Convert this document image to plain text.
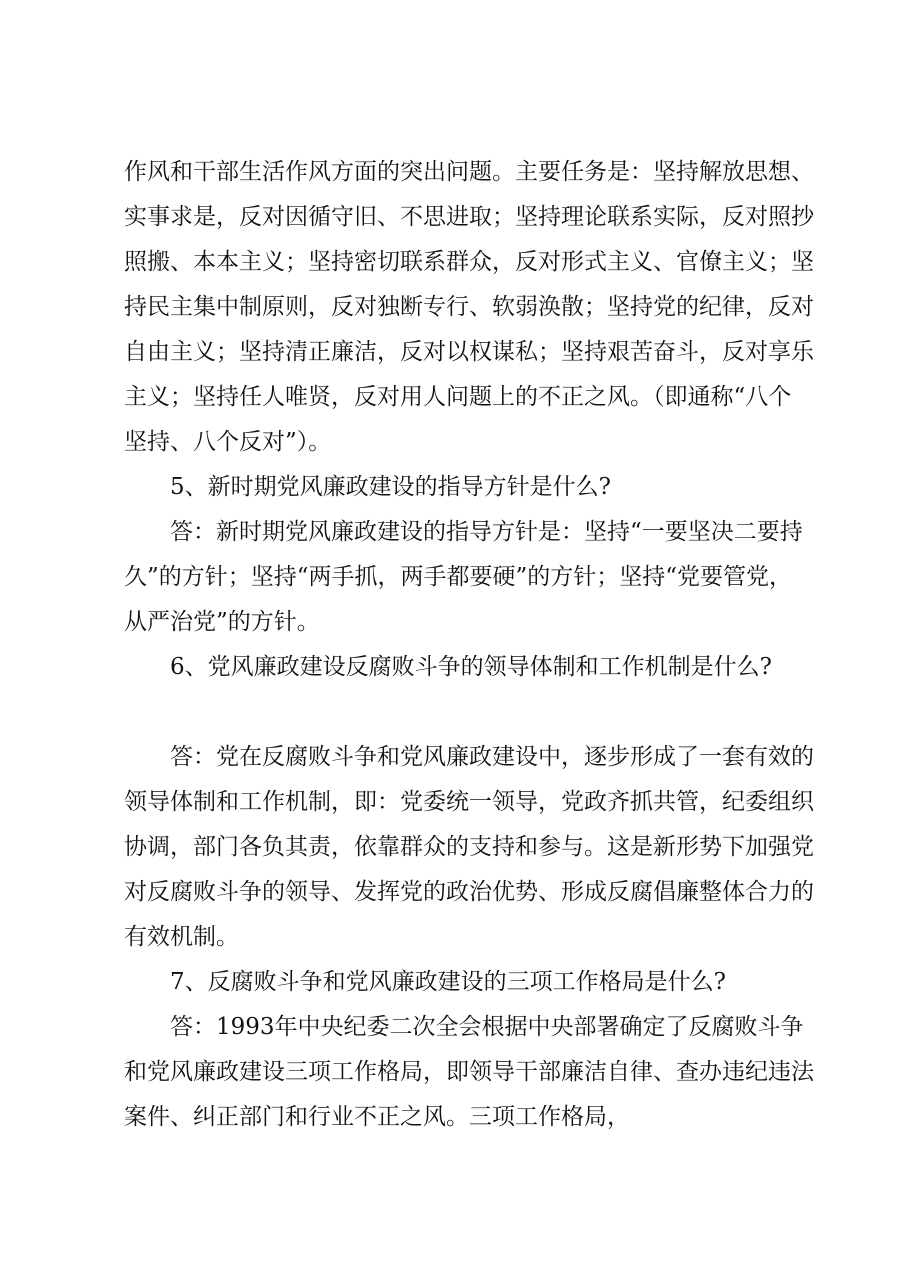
作风和干部生活作风方面的突出问题。主要任务是：坚持解放思想、实事求是，反对因循守旧、不思进取；坚持理论联系实际，反对照抄照搬、本本主义；坚持密切联系群众，反对形式主义、官僚主义；坚持民主集中制原则，反对独断专行、软弱涣散；坚持党的纪律，反对自由主义；坚持清正廉洁，反对以权谋私；坚持艰苦奋斗，反对享乐主义；坚持任人唯贤，反对用人问题上的不正之风。（即通称“八个坚持、八个反对”）。

5、新时期党风廉政建设的指导方针是什么?

答：新时期党风廉政建设的指导方针是：坚持“一要坚决二要持久”的方针；坚持“两手抓，两手都要硬”的方针；坚持“党要管党，从严治党”的方针。

6、党风廉政建设反腐败斗争的领导体制和工作机制是什么?

答：党在反腐败斗争和党风廉政建设中，逐步形成了一套有效的领导体制和工作机制，即：党委统一领导，党政齐抓共管，纪委组织协调，部门各负其责，依靠群众的支持和参与。这是新形势下加强党对反腐败斗争的领导、发挥党的政治优势、形成反腐倡廉整体合力的有效机制。

7、反腐败斗争和党风廉政建设的三项工作格局是什么?

答：1993年中央纪委二次全会根据中央部署确定了反腐败斗争和党风廉政建设三项工作格局，即领导干部廉洁自律、查办违纪违法案件、纠正部门和行业不正之风。三项工作格局，
